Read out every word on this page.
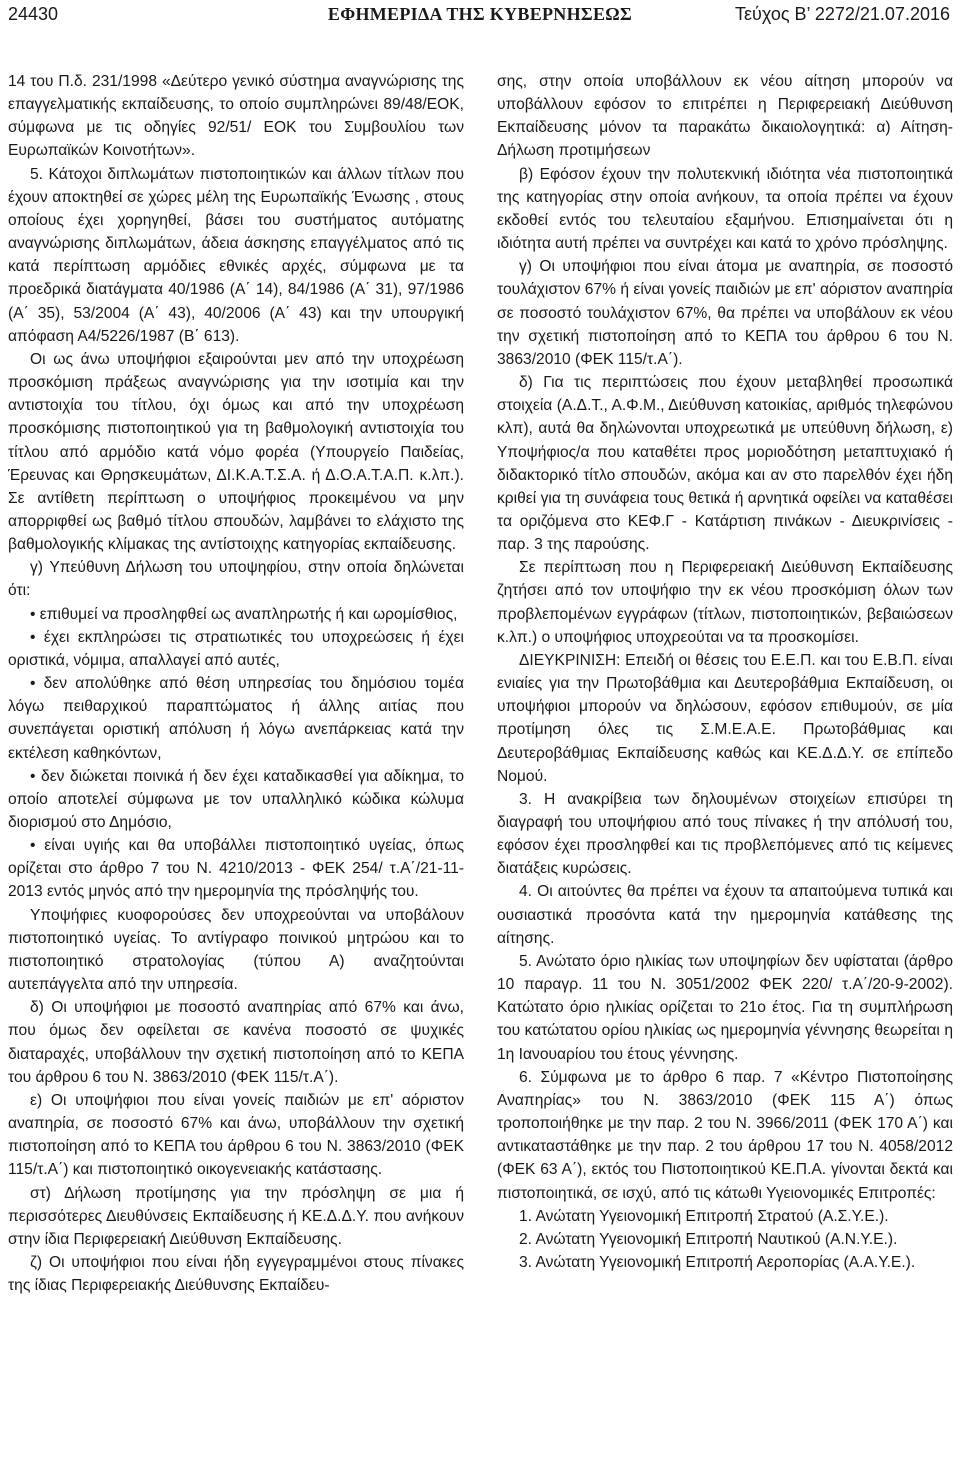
24430	ΕΦΗΜΕΡΙΔΑ ΤΗΣ ΚΥΒΕΡΝΗΣΕΩΣ	Τεύχος Β’ 2272/21.07.2016

14 του Π.δ. 231/1998 «Δεύτερο γενικό σύστημα αναγνώρισης της επαγγελματικής εκπαίδευσης, το οποίο συμπληρώνει 89/48/ΕΟΚ, σύμφωνα με τις οδηγίες 92/51/ ΕΟΚ του Συμβουλίου των Ευρωπαϊκών Κοινοτήτων».

5. Κάτοχοι διπλωμάτων πιστοποιητικών και άλλων τίτλων που έχουν αποκτηθεί σε χώρες μέλη της Ευρωπαϊκής Ένωσης , στους οποίους έχει χορηγηθεί, βάσει του συστήματος αυτόματης αναγνώρισης διπλωμάτων, άδεια άσκησης επαγγέλματος από τις κατά περίπτωση αρμόδιες εθνικές αρχές, σύμφωνα με τα προεδρικά διατάγματα 40/1986 (Α΄ 14), 84/1986 (Α΄ 31), 97/1986 (Α΄ 35), 53/2004 (Α΄ 43), 40/2006 (Α΄ 43) και την υπουργική απόφαση Α4/5226/1987 (Β΄ 613).

Οι ως άνω υποψήφιοι εξαιρούνται μεν από την υποχρέωση προσκόμιση πράξεως αναγνώρισης για την ισοτιμία και την αντιστοιχία του τίτλου, όχι όμως και από την υποχρέωση προσκόμισης πιστοποιητικού για τη βαθμολογική αντιστοιχία του τίτλου από αρμόδιο κατά νόμο φορέα (Υπουργείο Παιδείας, Έρευνας και Θρησκευμάτων, ΔΙ.Κ.Α.Τ.Σ.Α. ή Δ.Ο.Α.Τ.Α.Π. κ.λπ.). Σε αντίθετη περίπτωση ο υποψήφιος προκειμένου να μην απορριφθεί ως βαθμό τίτλου σπουδών, λαμβάνει το ελάχιστο της βαθμολογικής κλίμακας της αντίστοιχης κατηγορίας εκπαίδευσης.

γ) Υπεύθυνη Δήλωση του υποψηφίου, στην οποία δηλώνεται ότι:

• επιθυμεί να προσληφθεί ως αναπληρωτής ή και ωρομίσθιος,

• έχει εκπληρώσει τις στρατιωτικές του υποχρεώσεις ή έχει οριστικά, νόμιμα, απαλλαγεί από αυτές,

• δεν απολύθηκε από θέση υπηρεσίας του δημόσιου τομέα λόγω πειθαρχικού παραπτώματος ή άλλης αιτίας που συνεπάγεται οριστική απόλυση ή λόγω ανεπάρκειας κατά την εκτέλεση καθηκόντων,

• δεν διώκεται ποινικά ή δεν έχει καταδικασθεί για αδίκημα, το οποίο αποτελεί σύμφωνα με τον υπαλληλικό κώδικα κώλυμα διορισμού στο Δημόσιο,

• είναι υγιής και θα υποβάλλει πιστοποιητικό υγείας, όπως ορίζεται στο άρθρο 7 του Ν. 4210/2013 - ΦΕΚ 254/ τ.Α΄/21-11-2013 εντός μηνός από την ημερομηνία της πρόσληψής του.

Υποψήφιες κυοφορούσες δεν υποχρεούνται να υποβάλουν πιστοποιητικό υγείας. Το αντίγραφο ποινικού μητρώου και το πιστοποιητικό στρατολογίας (τύπου Α) αναζητούνται αυτεπάγγελτα από την υπηρεσία.

δ) Οι υποψήφιοι με ποσοστό αναπηρίας από 67% και άνω, που όμως δεν οφείλεται σε κανένα ποσοστό σε ψυχικές διαταραχές, υποβάλλουν την σχετική πιστοποίηση από το ΚΕΠΑ του άρθρου 6 του Ν. 3863/2010 (ΦΕΚ 115/τ.Α΄).

ε) Οι υποψήφιοι που είναι γονείς παιδιών με επ' αόριστον αναπηρία, σε ποσοστό 67% και άνω, υποβάλλουν την σχετική πιστοποίηση από το ΚΕΠΑ του άρθρου 6 του Ν. 3863/2010 (ΦΕΚ 115/τ.Α΄) και πιστοποιητικό οικογενειακής κατάστασης.

στ) Δήλωση προτίμησης για την πρόσληψη σε μια ή περισσότερες Διευθύνσεις Εκπαίδευσης ή ΚΕ.Δ.Δ.Υ. που ανήκουν στην ίδια Περιφερειακή Διεύθυνση Εκπαίδευσης.

ζ) Οι υποψήφιοι που είναι ήδη εγγεγραμμένοι στους πίνακες της ίδιας Περιφερειακής Διεύθυνσης Εκπαίδευ-

σης, στην οποία υποβάλλουν εκ νέου αίτηση μπορούν να υποβάλλουν εφόσον το επιτρέπει η Περιφερειακή Διεύθυνση Εκπαίδευσης μόνον τα παρακάτω δικαιολογητικά: α) Αίτηση-Δήλωση προτιμήσεων

β) Εφόσον έχουν την πολυτεκνική ιδιότητα νέα πιστοποιητικά της κατηγορίας στην οποία ανήκουν, τα οποία πρέπει να έχουν εκδοθεί εντός του τελευταίου εξαμήνου. Επισημαίνεται ότι η ιδιότητα αυτή πρέπει να συντρέχει και κατά το χρόνο πρόσληψης.

γ) Οι υποψήφιοι που είναι άτομα με αναπηρία, σε ποσοστό τουλάχιστον 67% ή είναι γονείς παιδιών με επ' αόριστον αναπηρία σε ποσοστό τουλάχιστον 67%, θα πρέπει να υποβάλουν εκ νέου την σχετική πιστοποίηση από το ΚΕΠΑ του άρθρου 6 του Ν. 3863/2010 (ΦΕΚ 115/τ.Α΄).

δ) Για τις περιπτώσεις που έχουν μεταβληθεί προσωπικά στοιχεία (Α.Δ.Τ., Α.Φ.Μ., Διεύθυνση κατοικίας, αριθμός τηλεφώνου κλπ), αυτά θα δηλώνονται υποχρεωτικά με υπεύθυνη δήλωση, ε) Υποψήφιος/α που καταθέτει προς μοριοδότηση μεταπτυχιακό ή διδακτορικό τίτλο σπουδών, ακόμα και αν στο παρελθόν έχει ήδη κριθεί για τη συνάφεια τους θετικά ή αρνητικά οφείλει να καταθέσει τα οριζόμενα στο ΚΕΦ.Γ - Κατάρτιση πινάκων - Διευκρινίσεις - παρ. 3 της παρούσης.

Σε περίπτωση που η Περιφερειακή Διεύθυνση Εκπαίδευσης ζητήσει από τον υποψήφιο την εκ νέου προσκόμιση όλων των προβλεπομένων εγγράφων (τίτλων, πιστοποιητικών, βεβαιώσεων κ.λπ.) ο υποψήφιος υποχρεούται να τα προσκομίσει.

ΔΙΕΥΚΡΙΝΙΣΗ: Επειδή οι θέσεις του Ε.Ε.Π. και του Ε.Β.Π. είναι ενιαίες για την Πρωτοβάθμια και Δευτεροβάθμια Εκπαίδευση, οι υποψήφιοι μπορούν να δηλώσουν, εφόσον επιθυμούν, σε μία προτίμηση όλες τις Σ.Μ.Ε.Α.Ε. Πρωτοβάθμιας και Δευτεροβάθμιας Εκπαίδευσης καθώς και ΚΕ.Δ.Δ.Υ. σε επίπεδο Νομού.

3. Η ανακρίβεια των δηλουμένων στοιχείων επισύρει τη διαγραφή του υποψήφιου από τους πίνακες ή την απόλυσή του, εφόσον έχει προσληφθεί και τις προβλεπόμενες από τις κείμενες διατάξεις κυρώσεις.

4. Οι αιτούντες θα πρέπει να έχουν τα απαιτούμενα τυπικά και ουσιαστικά προσόντα κατά την ημερομηνία κατάθεσης της αίτησης.

5. Ανώτατο όριο ηλικίας των υποψηφίων δεν υφίσταται (άρθρο 10 παραγρ. 11 του Ν. 3051/2002 ΦΕΚ 220/ τ.Α΄/20-9-2002). Κατώτατο όριο ηλικίας ορίζεται το 21ο έτος. Για τη συμπλήρωση του κατώτατου ορίου ηλικίας ως ημερομηνία γέννησης θεωρείται η 1η Ιανουαρίου του έτους γέννησης.

6. Σύμφωνα με το άρθρο 6 παρ. 7 «Κέντρο Πιστοποίησης Αναπηρίας» του Ν. 3863/2010 (ΦΕΚ 115 Α΄) όπως τροποποιήθηκε με την παρ. 2 του Ν. 3966/2011 (ΦΕΚ 170 Α΄) και αντικαταστάθηκε με την παρ. 2 του άρθρου 17 του Ν. 4058/2012 (ΦΕΚ 63 Α΄), εκτός του Πιστοποιητικού ΚΕ.Π.Α. γίνονται δεκτά και πιστοποιητικά, σε ισχύ, από τις κάτωθι Υγειονομικές Επιτροπές:

1. Ανώτατη Υγειονομική Επιτροπή Στρατού (Α.Σ.Υ.Ε.).

2. Ανώτατη Υγειονομική Επιτροπή Ναυτικού (Α.Ν.Υ.Ε.).

3. Ανώτατη Υγειονομική Επιτροπή Αεροπορίας (Α.Α.Υ.Ε.).
